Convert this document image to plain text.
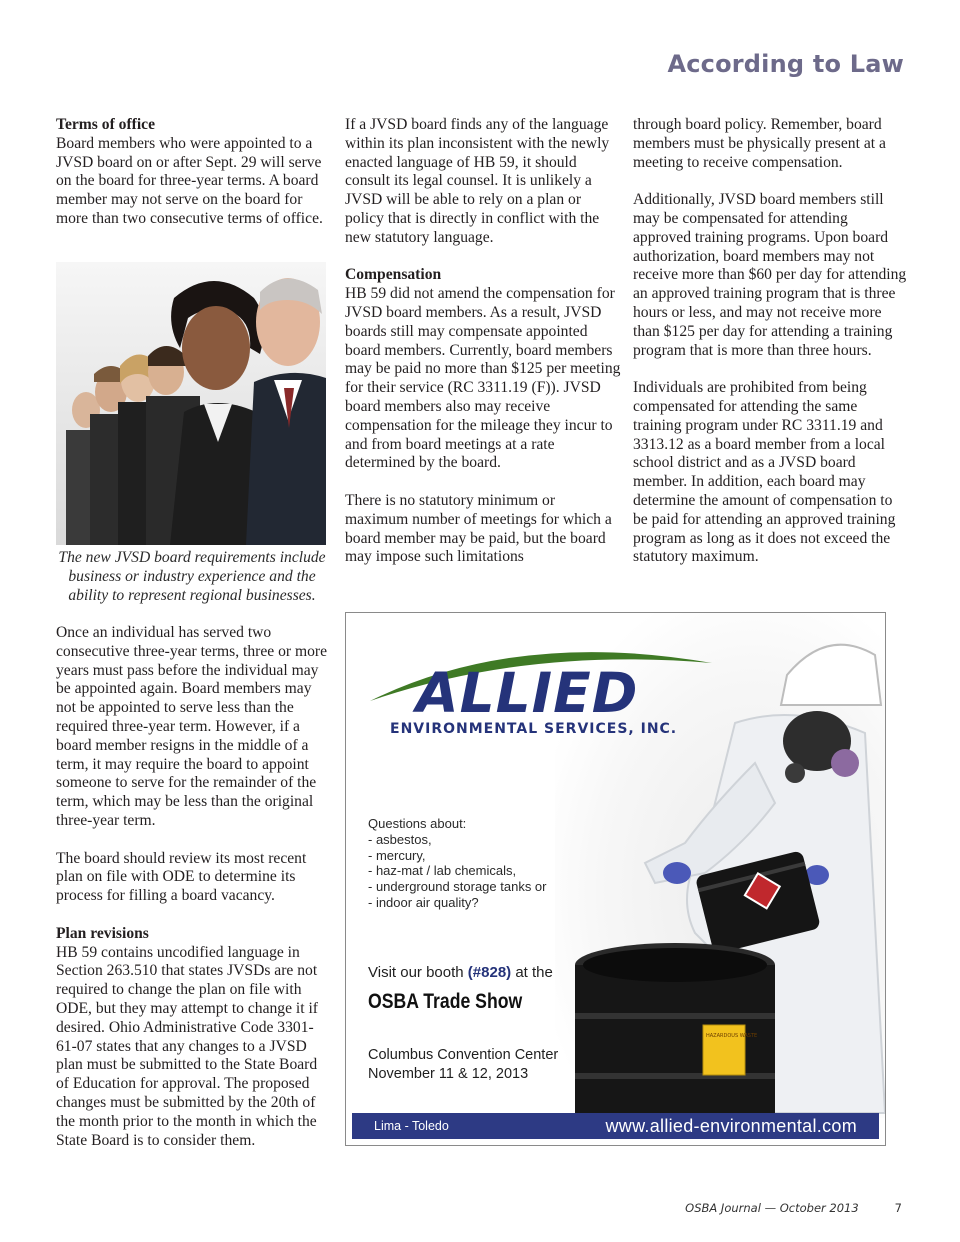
According to Law
Terms of office

Board members who were appointed to a JVSD board on or after Sept. 29 will serve on the board for three-year terms. A board member may not serve on the board for more than two consecutive terms of office.

The new JVSD board requirements include business or industry experience and the ability to represent regional businesses.

Once an individual has served two consecutive three-year terms, three or more years must pass before the individual may be appointed again. Board members may not be appointed to serve less than the required three-year term. However, if a board member resigns in the middle of a term, it may require the board to appoint someone to serve for the remainder of the term, which may be less than the original three-year term.

The board should review its most recent plan on file with ODE to determine its process for filling a board vacancy.

Plan revisions

HB 59 contains uncodified language in Section 263.510 that states JVSDs are not required to change the plan on file with ODE, but they may attempt to change it if desired. Ohio Administrative Code 3301-61-07 states that any changes to a JVSD plan must be submitted to the State Board of Education for approval. The proposed changes must be submitted by the 20th of the month prior to the month in which the State Board is to consider them.

If a JVSD board finds any of the language within its plan inconsistent with the newly enacted language of HB 59, it should consult its legal counsel. It is unlikely a JVSD will be able to rely on a plan or policy that is directly in conflict with the new statutory language.

Compensation

HB 59 did not amend the compensation for JVSD board members. As a result, JVSD boards still may compensate appointed board members. Currently, board members may be paid no more than $125 per meeting for their service (RC 3311.19 (F)). JVSD board members also may receive compensation for the mileage they incur to and from board meetings at a rate determined by the board.

There is no statutory minimum or maximum number of meetings for which a board member may be paid, but the board may impose such limitations

through board policy. Remember, board members must be physically present at a meeting to receive compensation.

Additionally, JVSD board members still may be compensated for attending approved training programs. Upon board authorization, board members may not receive more than $60 per day for attending an approved training program that is three hours or less, and may not receive more than $125 per day for attending a training program that is more than three hours.

Individuals are prohibited from being compensated for attending the same training program under RC 3311.19 and 3313.12 as a board member from a local school district and as a JVSD board member. In addition, each board may determine the amount of compensation to be paid for attending an approved training program as long as it does not exceed the statutory maximum.

HAZARDOUS WASTE
ALLIED
ENVIRONMENTAL SERVICES, INC.
Questions about:
- asbestos,
- mercury,
- haz-mat / lab chemicals,
- underground storage tanks or
- indoor air quality?
Visit our booth (#828) at the
OSBA Trade Show
Columbus Convention Center
November 11 & 12, 2013
Lima - Toledo	www.allied-environmental.com
OSBA Journal — October 2013	7
